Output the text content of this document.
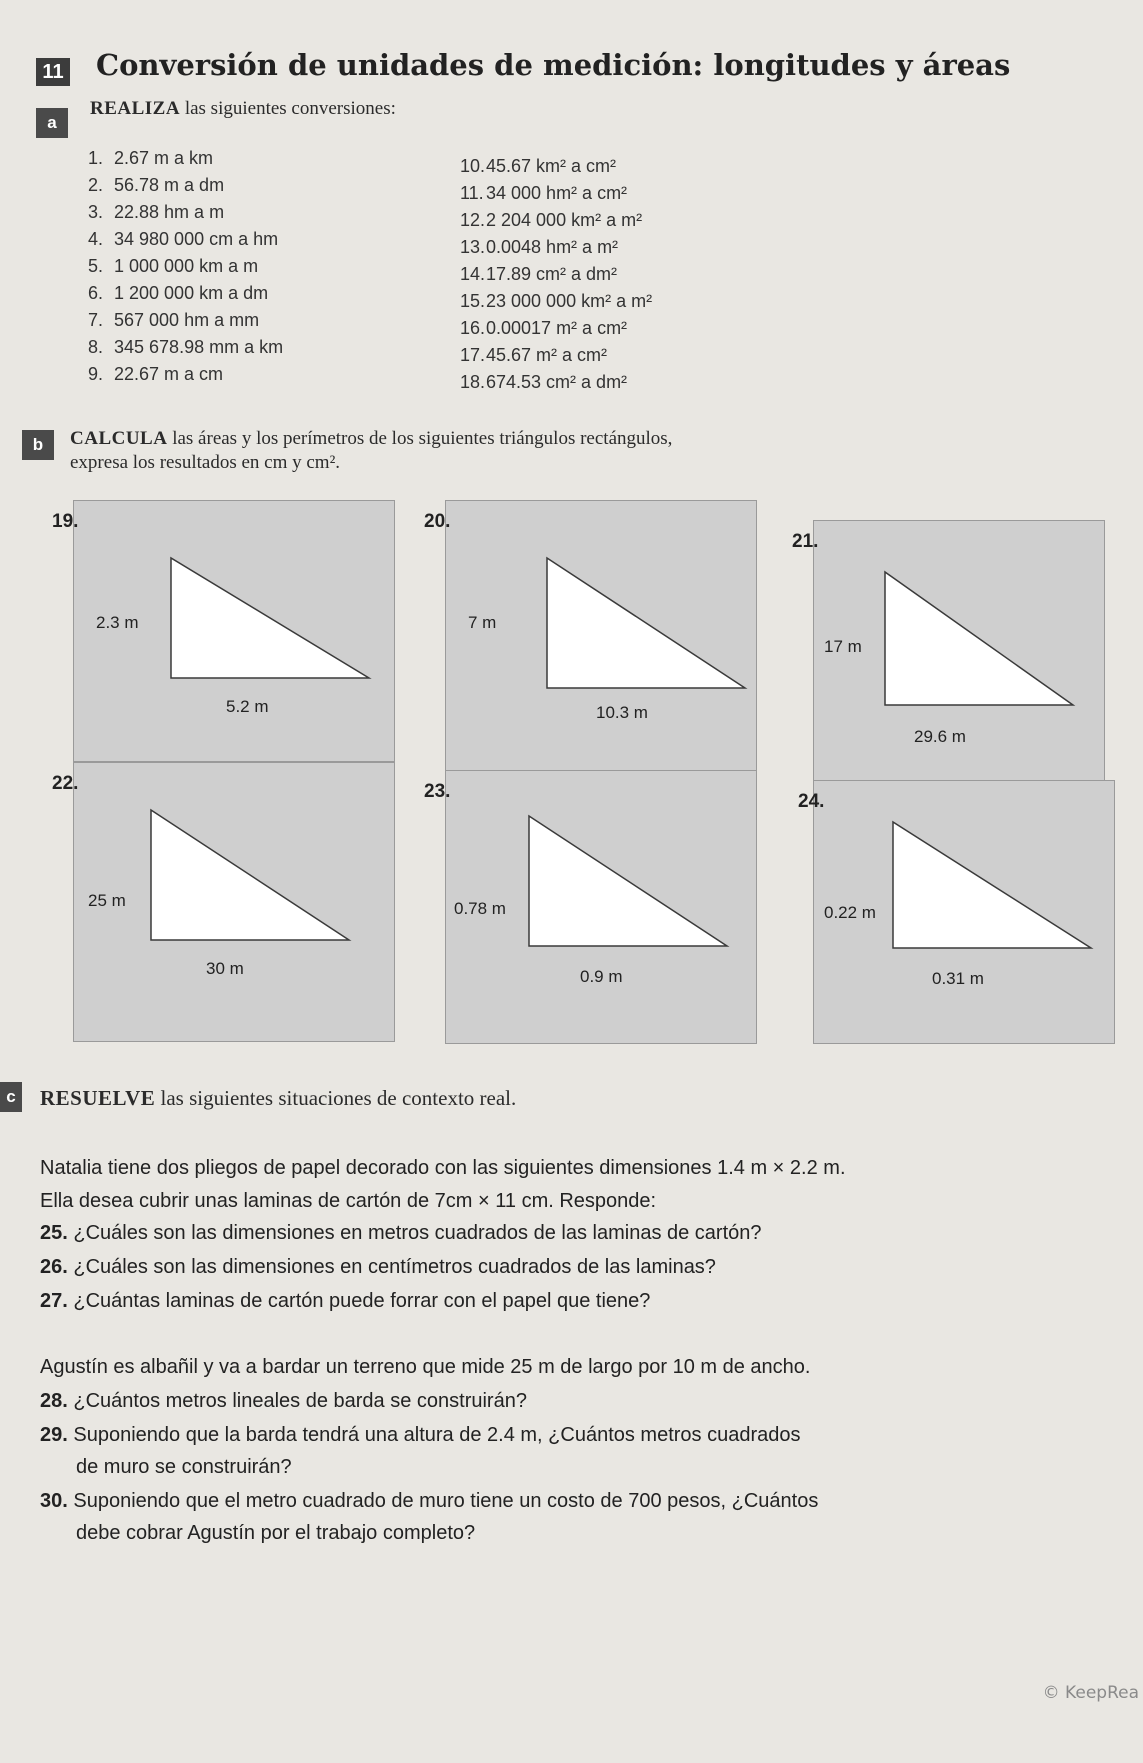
11 Conversión de unidades de medición: longitudes y áreas
a
REALIZA las siguientes conversiones:
1. 2.67 m a km
2. 56.78 m a dm
3. 22.88 hm a m
4. 34 980 000 cm a hm
5. 1 000 000 km a m
6. 1 200 000 km a dm
7. 567 000 hm a mm
8. 345 678.98 mm a km
9. 22.67 m a cm
10.45.67 km² a cm²
11. 34 000 hm² a cm²
12.2 204 000 km² a m²
13.0.0048 hm² a m²
14.17.89 cm² a dm²
15.23 000 000 km² a m²
16.0.00017 m² a cm²
17.45.67 m² a cm²
18.674.53 cm² a dm²
b	CALCULA las áreas y los perímetros de los siguientes triángulos rectángulos,
expresa los resultados en cm y cm².
19.
2.3 m
5.2 m
20.
7 m
10.3 m
21.
17 m
29.6 m
22.
25 m
30 m
23.
0.78 m
0.9 m
24.
0.22 m
0.31 m
c RESUELVE las siguientes situaciones de contexto real.
Natalia tiene dos pliegos de papel decorado con las siguientes dimensiones 1.4 m × 2.2 m.
Ella desea cubrir unas laminas de cartón de 7cm × 11 cm. Responde:
25. ¿Cuáles son las dimensiones en metros cuadrados de las laminas de cartón?
26. ¿Cuáles son las dimensiones en centímetros cuadrados de las laminas?
27. ¿Cuántas laminas de cartón puede forrar con el papel que tiene?
Agustín es albañil y va a bardar un terreno que mide 25 m de largo por 10 m de ancho.
28. ¿Cuántos metros lineales de barda se construirán?
29. Suponiendo que la barda tendrá una altura de 2.4 m, ¿Cuántos metros cuadrados
de muro se construirán?
30. Suponiendo que el metro cuadrado de muro tiene un costo de 700 pesos, ¿Cuántos
debe cobrar Agustín por el trabajo completo?
© KeepRea
